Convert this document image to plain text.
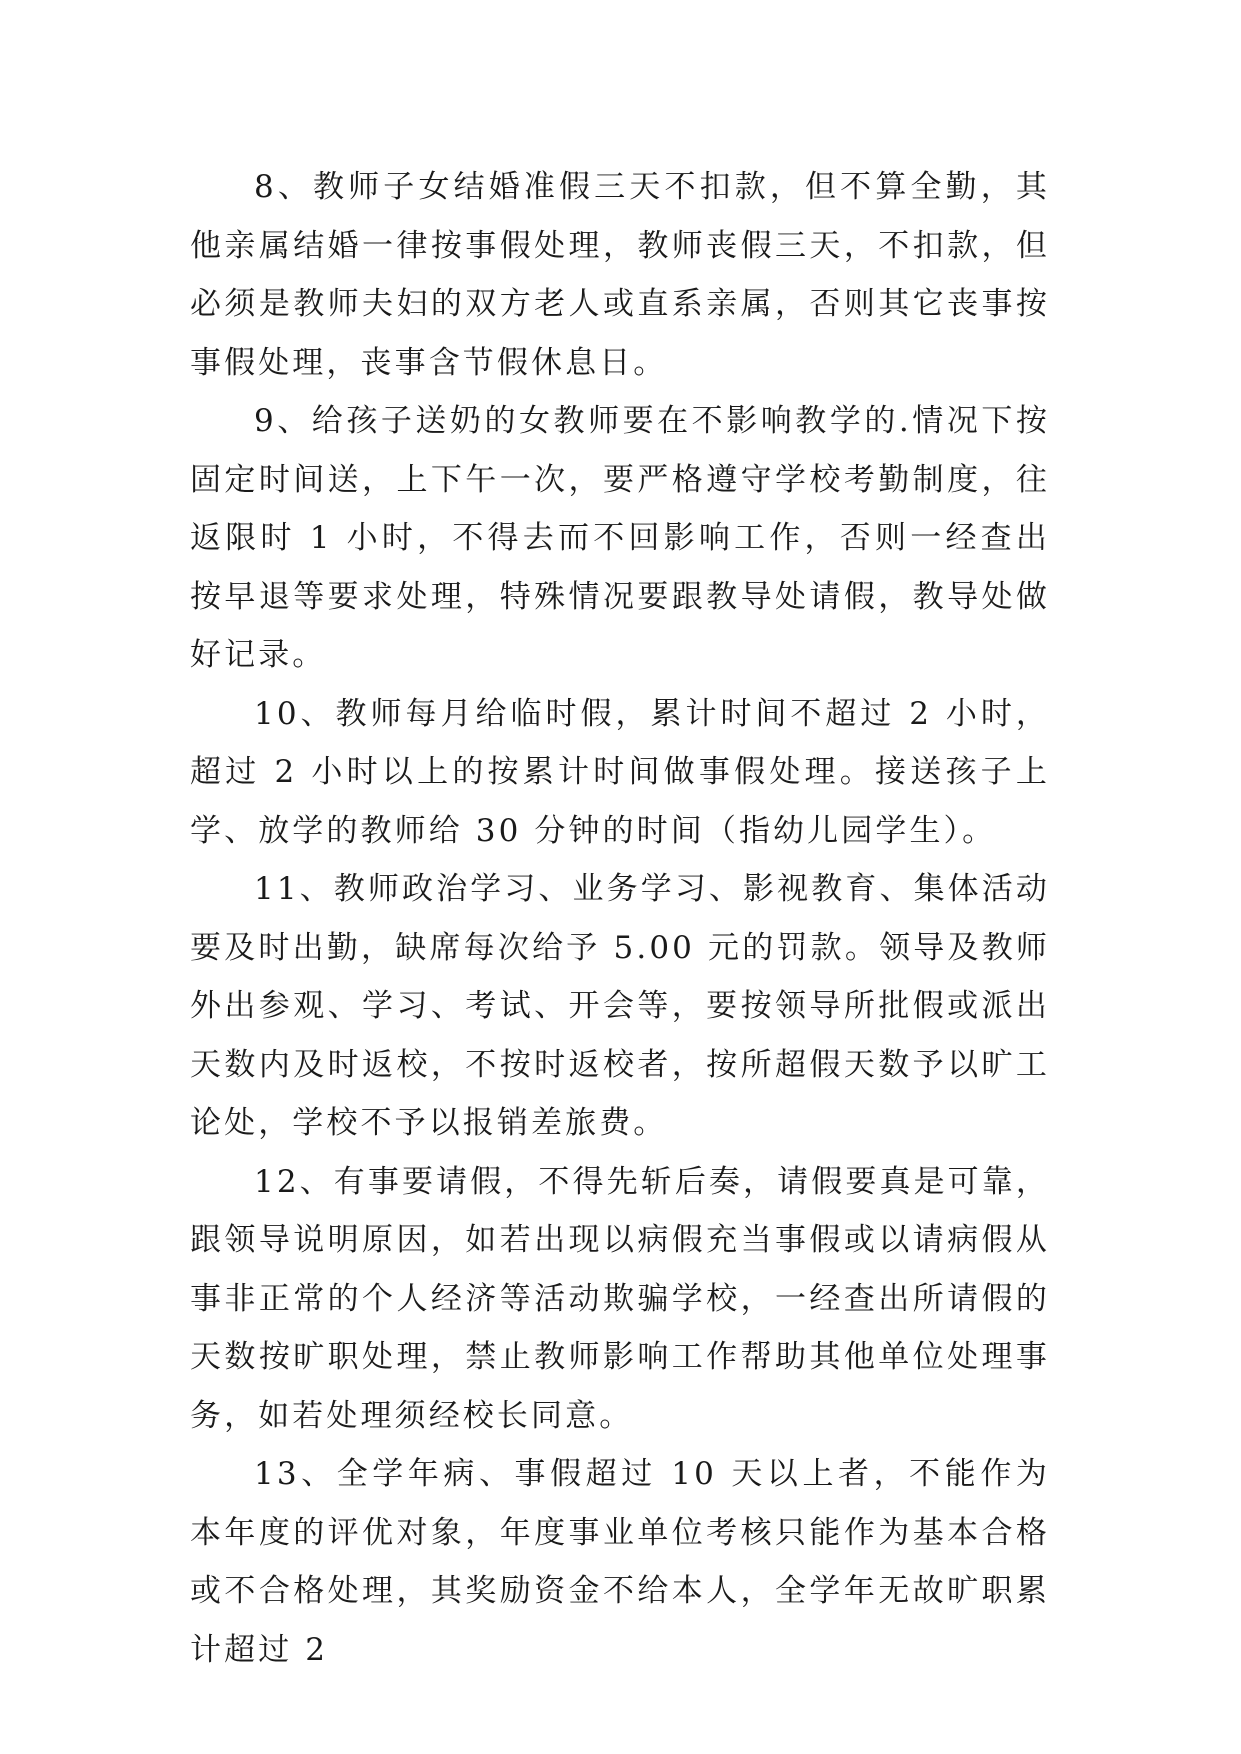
8、教师子女结婚准假三天不扣款，但不算全勤，其他亲属结婚一律按事假处理，教师丧假三天，不扣款，但必须是教师夫妇的双方老人或直系亲属，否则其它丧事按事假处理，丧事含节假休息日。

9、给孩子送奶的女教师要在不影响教学的.情况下按固定时间送，上下午一次，要严格遵守学校考勤制度，往返限时 1 小时，不得去而不回影响工作，否则一经查出按早退等要求处理，特殊情况要跟教导处请假，教导处做好记录。

10、教师每月给临时假，累计时间不超过 2 小时，超过 2 小时以上的按累计时间做事假处理。接送孩子上学、放学的教师给 30 分钟的时间（指幼儿园学生）。

11、教师政治学习、业务学习、影视教育、集体活动要及时出勤，缺席每次给予 5.00 元的罚款。领导及教师外出参观、学习、考试、开会等，要按领导所批假或派出天数内及时返校，不按时返校者，按所超假天数予以旷工论处，学校不予以报销差旅费。

12、有事要请假，不得先斩后奏，请假要真是可靠，跟领导说明原因，如若出现以病假充当事假或以请病假从事非正常的个人经济等活动欺骗学校，一经查出所请假的天数按旷职处理，禁止教师影响工作帮助其他单位处理事务，如若处理须经校长同意。

13、全学年病、事假超过 10 天以上者，不能作为本年度的评优对象，年度事业单位考核只能作为基本合格或不合格处理，其奖励资金不给本人，全学年无故旷职累计超过 2
